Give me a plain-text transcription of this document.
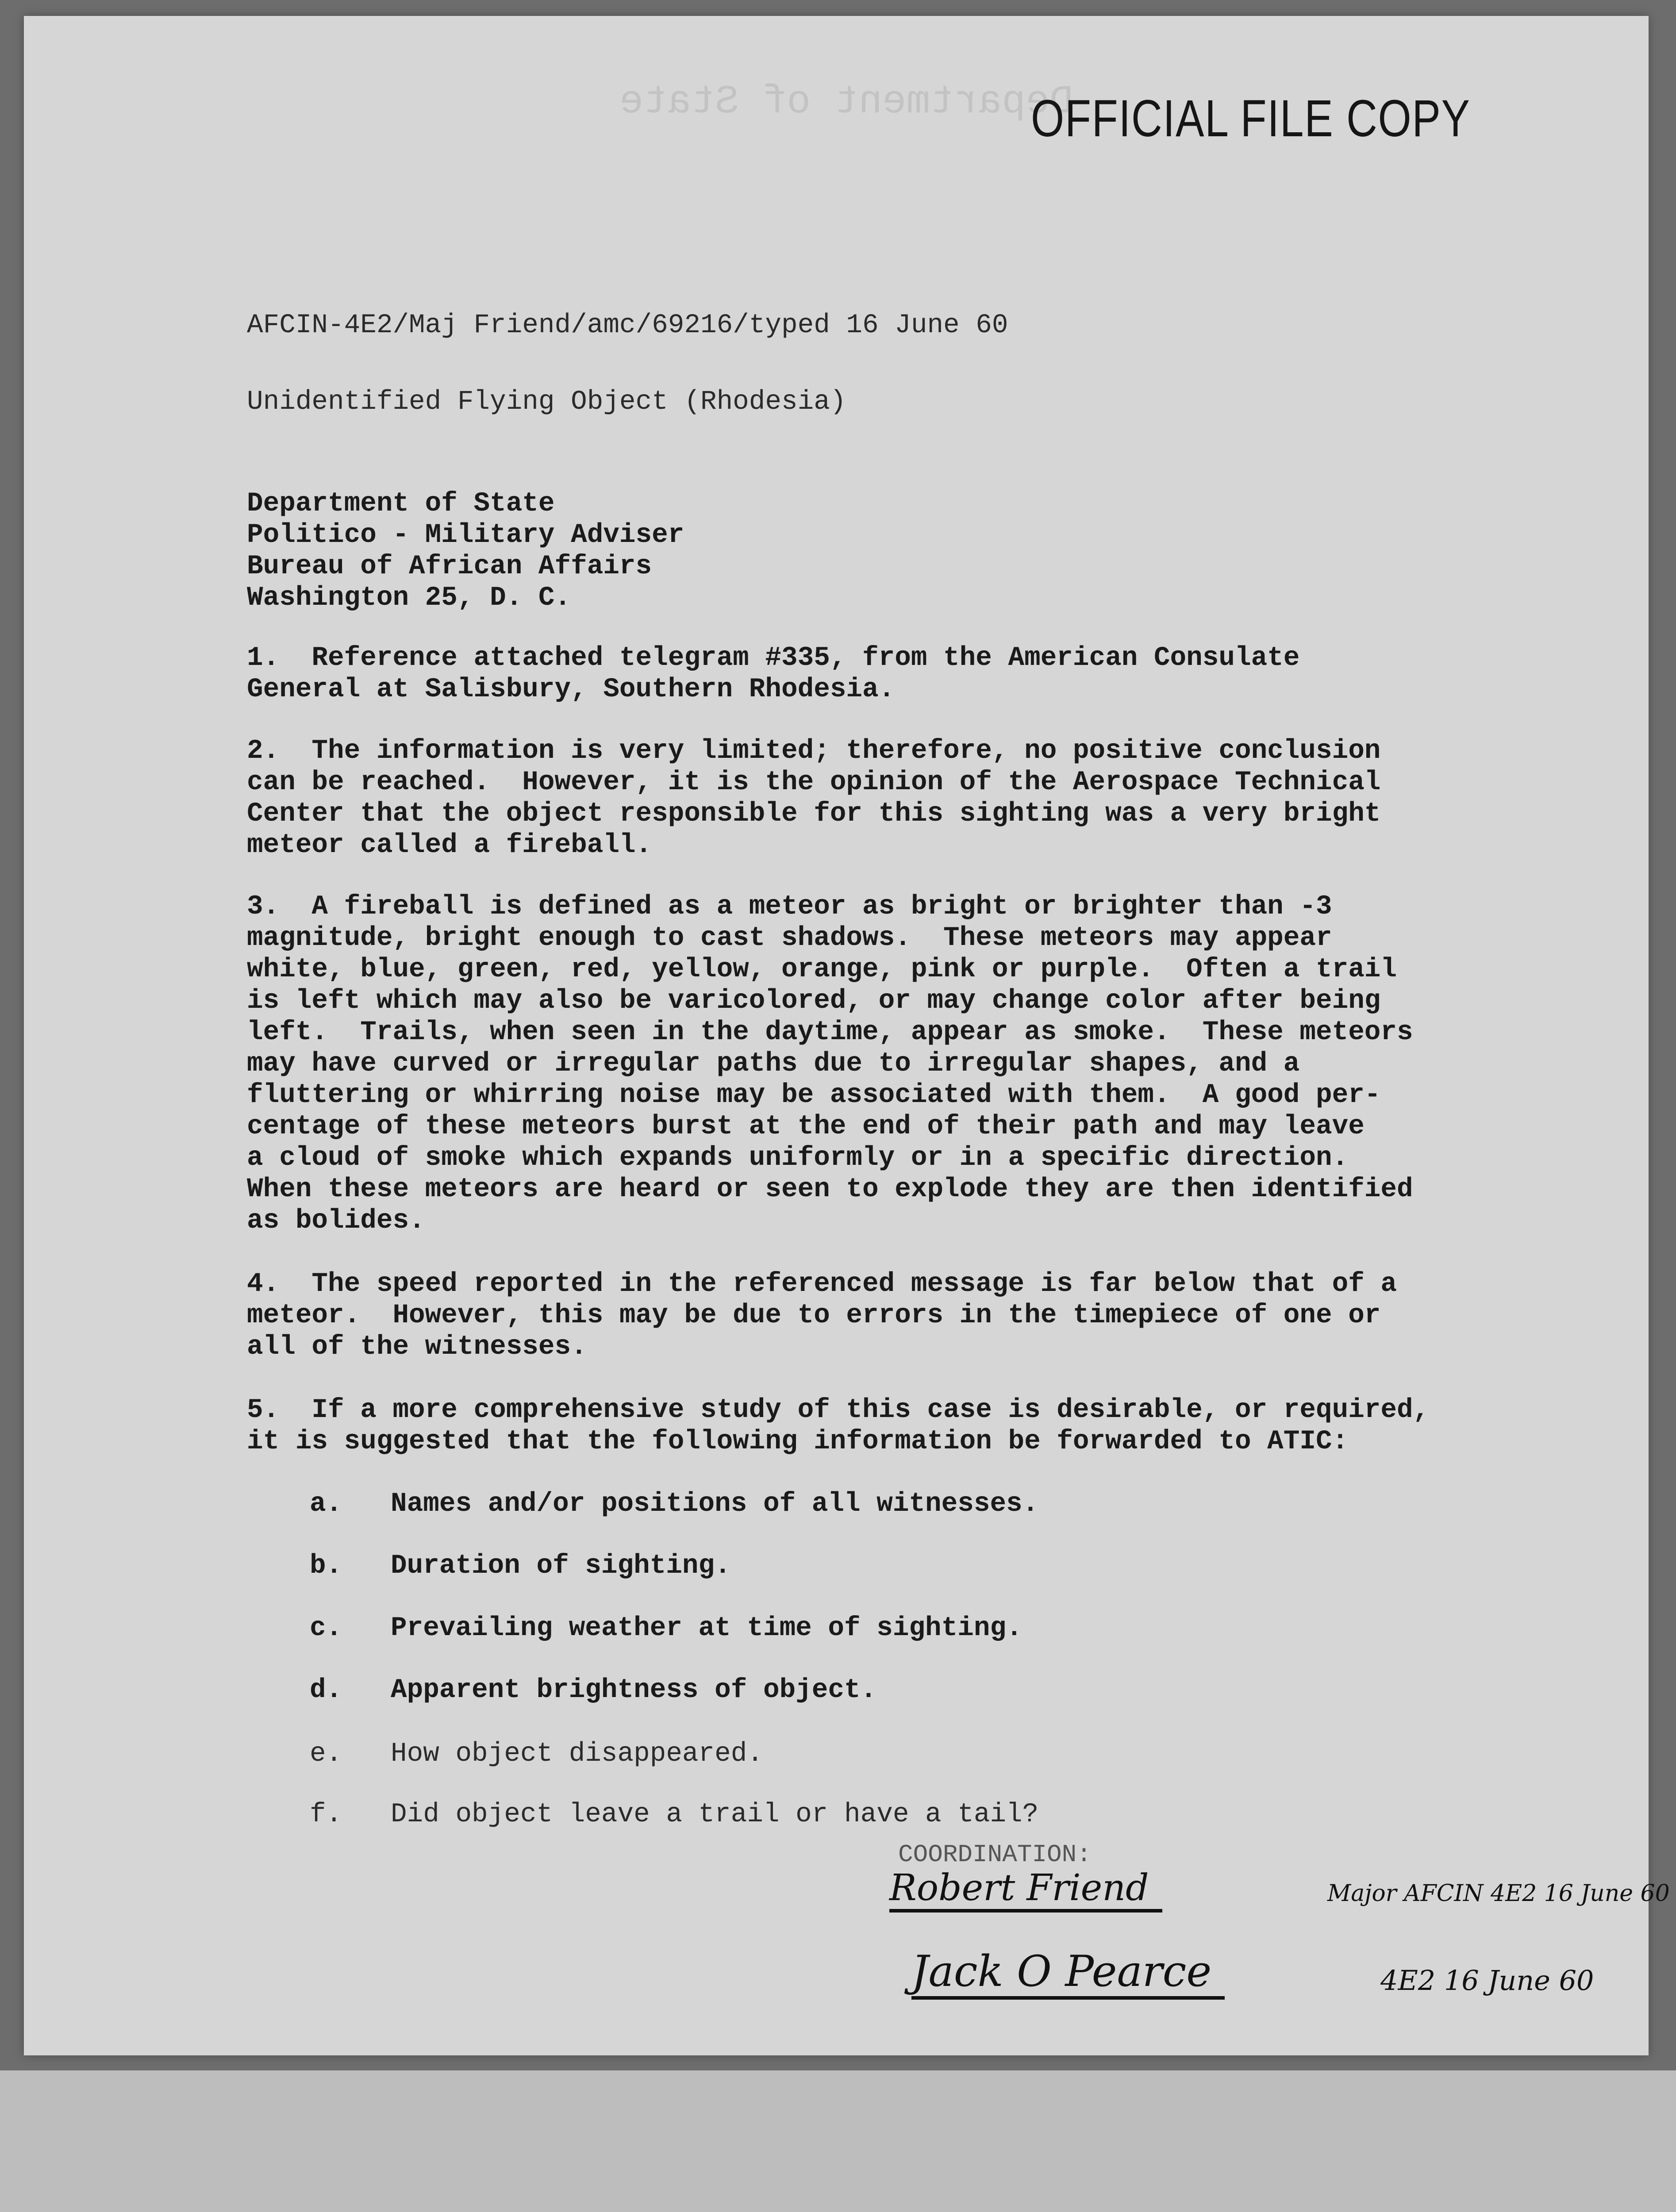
Department of State
OFFICIAL FILE COPY

AFCIN-4E2/Maj Friend/amc/69216/typed 16 June 60

Unidentified Flying Object (Rhodesia)

Department of State

Politico - Military Adviser

Bureau of African Affairs

Washington 25, D. C.

1.  Reference attached telegram #335, from the American Consulate
General at Salisbury, Southern Rhodesia.

2.  The information is very limited; therefore, no positive conclusion
can be reached.  However, it is the opinion of the Aerospace Technical
Center that the object responsible for this sighting was a very bright
meteor called a fireball.

3.  A fireball is defined as a meteor as bright or brighter than -3
magnitude, bright enough to cast shadows.  These meteors may appear
white, blue, green, red, yellow, orange, pink or purple.  Often a trail
is left which may also be varicolored, or may change color after being
left.  Trails, when seen in the daytime, appear as smoke.  These meteors
may have curved or irregular paths due to irregular shapes, and a
fluttering or whirring noise may be associated with them.  A good per-
centage of these meteors burst at the end of their path and may leave
a cloud of smoke which expands uniformly or in a specific direction.
When these meteors are heard or seen to explode they are then identified
as bolides.

4.  The speed reported in the referenced message is far below that of a
meteor.  However, this may be due to errors in the timepiece of one or
all of the witnesses.

5.  If a more comprehensive study of this case is desirable, or required,
it is suggested that the following information be forwarded to ATIC:

a.   Names and/or positions of all witnesses.

b.   Duration of sighting.

c.   Prevailing weather at time of sighting.

d.   Apparent brightness of object.

e.   How object disappeared.

f.   Did object leave a trail or have a tail?

COORDINATION:
Robert Friend	Major AFCIN 4E2 16 June 60
Jack O Pearce	4E2 16 June 60
